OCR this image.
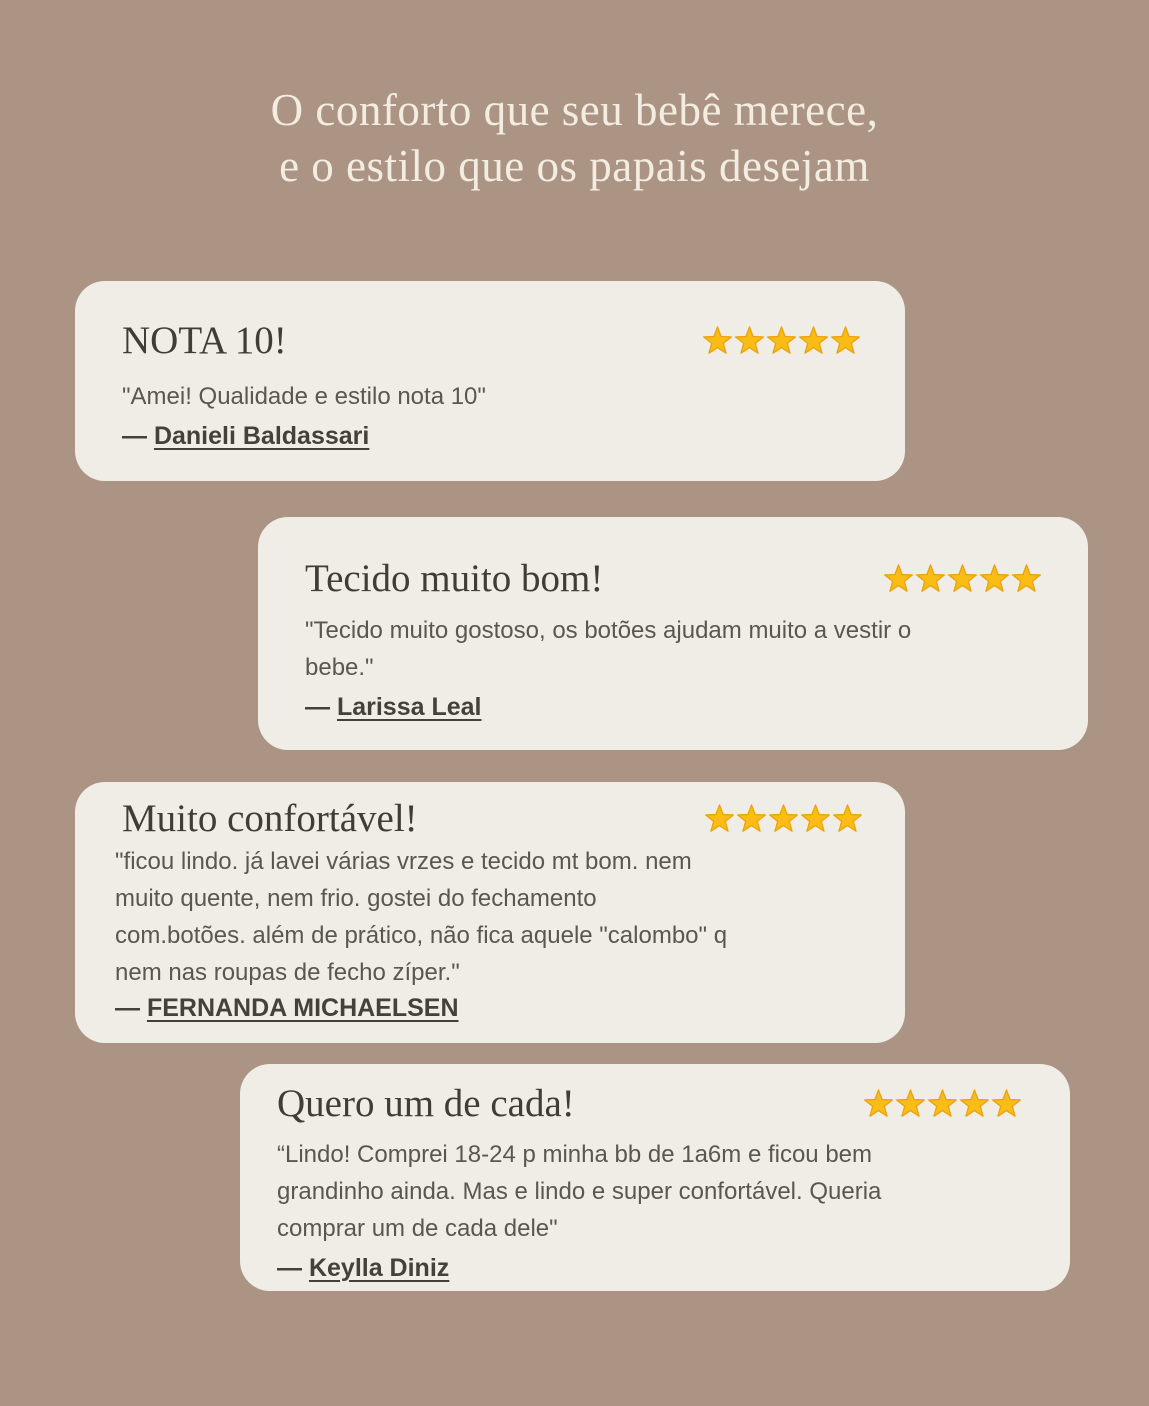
O conforto que seu bebê merece,
e o estilo que os papais desejam
NOTA 10!
"Amei! Qualidade e estilo nota 10"
— Danieli Baldassari
Tecido muito bom!
"Tecido muito gostoso, os botões ajudam muito a vestir o
bebe."
— Larissa Leal
Muito confortável!
"ficou lindo. já lavei várias vrzes e tecido mt bom. nem
muito quente, nem frio. gostei do fechamento
com.botões. além de prático, não fica aquele "calombo" q
nem nas roupas de fecho zíper."
— FERNANDA MICHAELSEN
Quero um de cada!
“Lindo! Comprei 18-24 p minha bb de 1a6m e ficou bem
grandinho ainda. Mas e lindo e super confortável. Queria
comprar um de cada dele"
— Keylla Diniz
